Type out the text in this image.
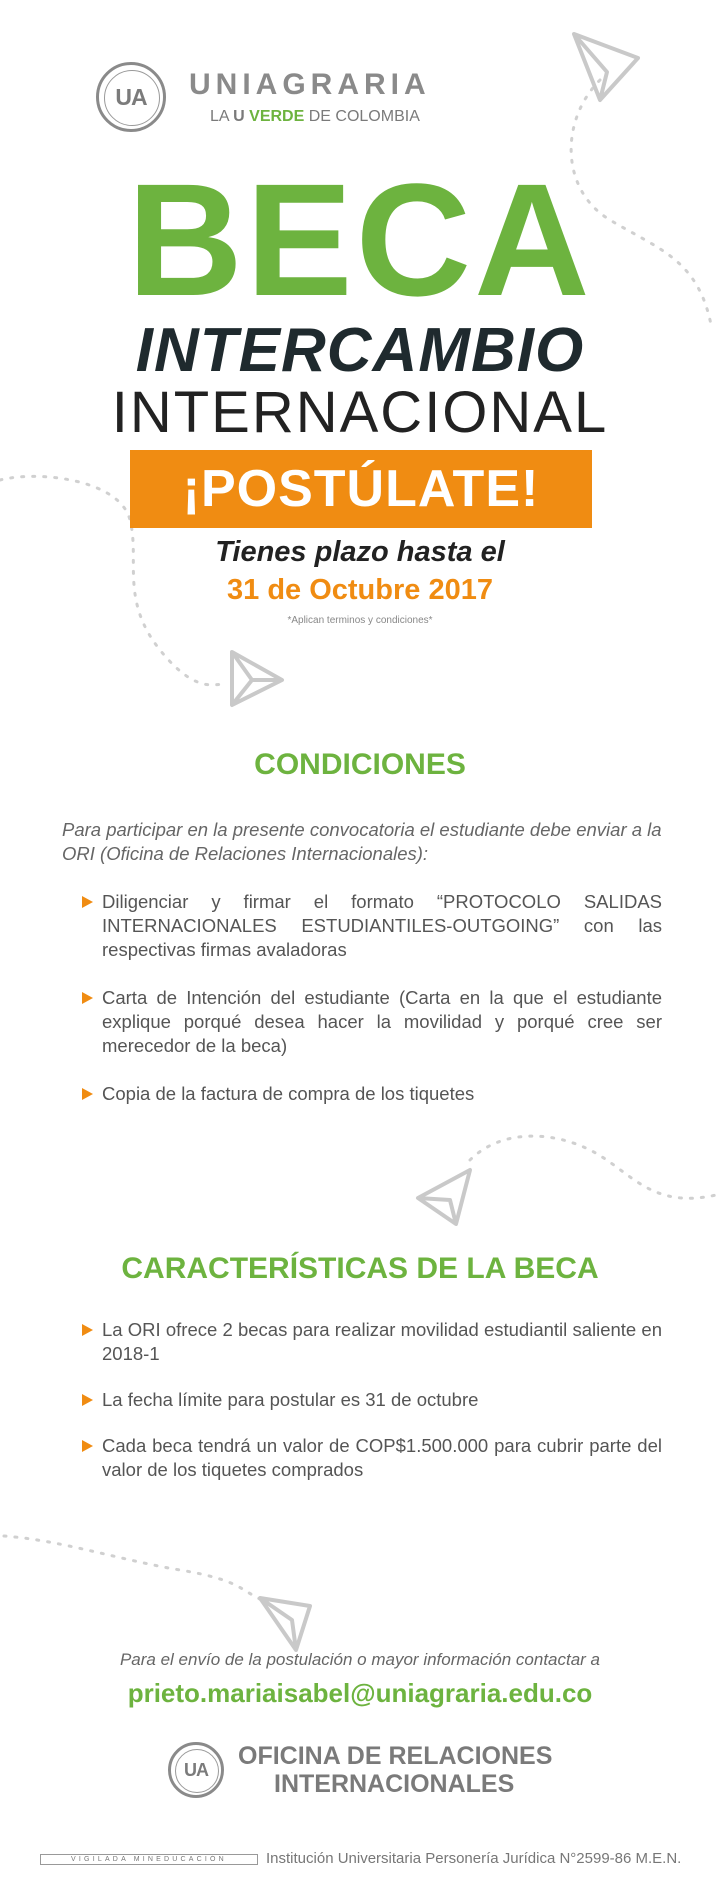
UA	UNIAGRARIA
LA U VERDE DE COLOMBIA
BECA
INTERCAMBIO
INTERNACIONAL
¡POSTÚLATE!
Tienes plazo hasta el
31 de Octubre 2017
*Aplican terminos y condiciones*
CONDICIONES
Para participar en la presente convocatoria el estudiante debe enviar a la ORI (Oficina de Relaciones Internacionales):
Diligenciar y firmar el formato “PROTOCOLO SALIDAS INTERNACIONALES ESTUDIANTILES-OUTGOING” con las respectivas firmas avaladoras
Carta de Intención del estudiante (Carta en la que el estudiante explique porqué desea hacer la movilidad y porqué cree ser merecedor de la beca)
Copia de la factura de compra de los tiquetes
CARACTERÍSTICAS DE LA BECA
La ORI ofrece 2 becas para realizar movilidad estudiantil saliente en 2018-1
La fecha límite para postular es 31 de octubre
Cada beca tendrá un valor de COP$1.500.000 para cubrir parte del valor de los tiquetes comprados
Para el envío de la postulación o mayor información contactar a
prieto.mariaisabel@uniagraria.edu.co
UA	OFICINA DE RELACIONES
INTERNACIONALES
VIGILADA MINEDUCACIÓN	Institución Universitaria Personería Jurídica N°2599-86 M.E.N.
